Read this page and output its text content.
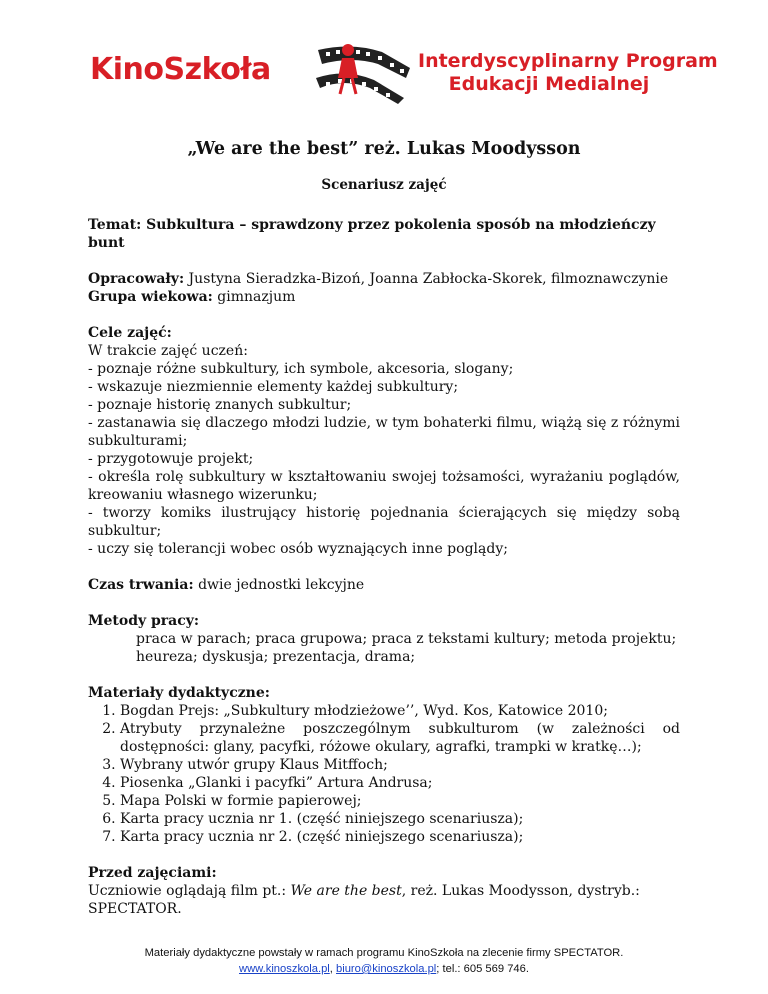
KinoSzkoła	Interdyscyplinarny Program
Edukacji Medialnej

„We are the best” reż. Lukas Moodysson

Scenariusz zajęć

Temat: Subkultura – sprawdzony przez pokolenia sposób na młodzieńczy bunt

Opracowały: Justyna Sieradzka-Bizoń, Joanna Zabłocka-Skorek, filmoznawczynie

Grupa wiekowa: gimnazjum

Cele zajęć:

W trakcie zajęć uczeń:

- poznaje różne subkultury, ich symbole, akcesoria, slogany;

- wskazuje niezmiennie elementy każdej subkultury;

- poznaje historię znanych subkultur;

- zastanawia się dlaczego młodzi ludzie, w tym bohaterki filmu, wiążą się z różnymi subkulturami;

- przygotowuje projekt;

- określa rolę subkultury w kształtowaniu swojej tożsamości, wyrażaniu poglądów, kreowaniu własnego wizerunku;

- tworzy komiks ilustrujący historię pojednania ścierających się między sobą subkultur;

- uczy się tolerancji wobec osób wyznających inne poglądy;

Czas trwania: dwie jednostki lekcyjne

Metody pracy:

praca w parach; praca grupowa; praca z tekstami kultury; metoda projektu; heureza; dyskusja; prezentacja, drama;

Materiały dydaktyczne:

1. Bogdan Prejs: „Subkultury młodzieżowe’’, Wyd. Kos, Katowice 2010;
2. Atrybuty przynależne poszczególnym subkulturom (w zależności od dostępności: glany, pacyfki, różowe okulary, agrafki, trampki w kratkę…);
3. Wybrany utwór grupy Klaus Mitffoch;
4. Piosenka „Glanki i pacyfki” Artura Andrusa;
5. Mapa Polski w formie papierowej;
6. Karta pracy ucznia nr 1. (część niniejszego scenariusza);
7. Karta pracy ucznia nr 2. (część niniejszego scenariusza);

Przed zajęciami:

Uczniowie oglądają film pt.: We are the best, reż. Lukas Moodysson, dystryb.: SPECTATOR.

Materiały dydaktyczne powstały w ramach programu KinoSzkoła na zlecenie firmy SPECTATOR.
www.kinoszkola.pl, biuro@kinoszkola.pl; tel.: 605 569 746.
